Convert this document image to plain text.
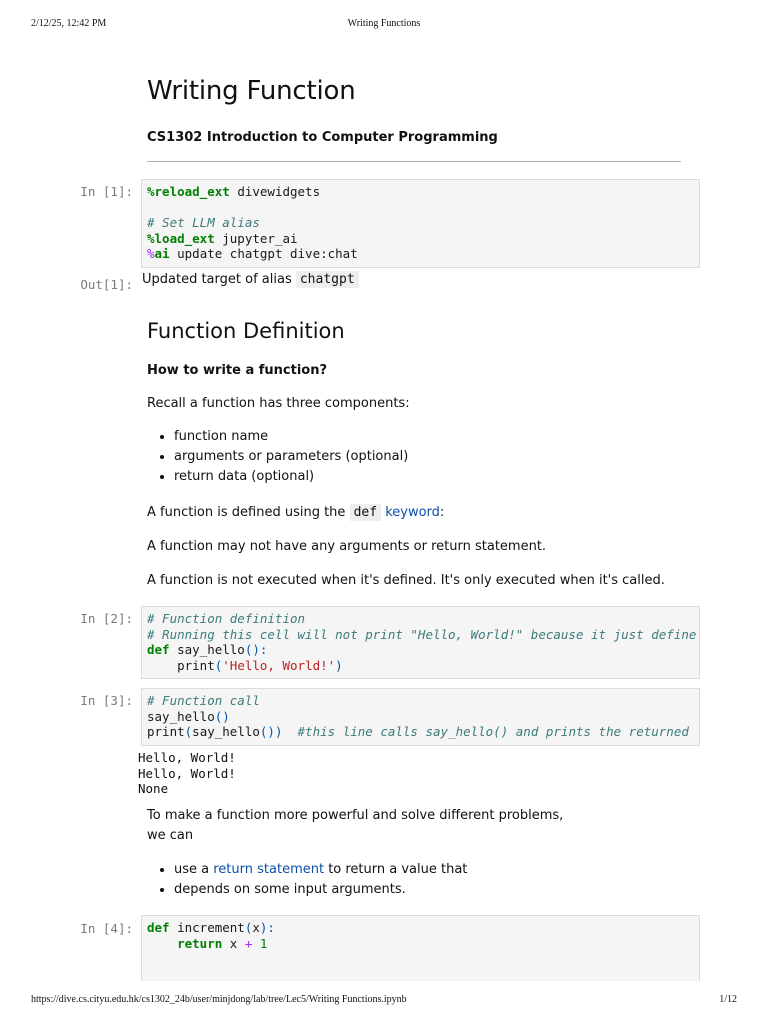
2/12/25, 12:42 PM	Writing Functions
Writing Function
CS1302 Introduction to Computer Programming
In [1]: %reload_ext divewidgets
# Set LLM alias
%load_ext jupyter_ai
%ai update chatgpt dive:chat
Out[1]: Updated target of alias chatgpt
Function Definition
How to write a function?
Recall a function has three components:
• function name
• arguments or parameters (optional)
• return data (optional)
A function is defined using the def keyword:
A function may not have any arguments or return statement.
A function is not executed when it's defined. It's only executed when it's called.
In [2]: # Function definition
# Running this cell will not print "Hello, World!" because it just define
def say_hello():
print('Hello, World!')
In [3]: # Function call
say_hello()
print(say_hello())  #this line calls say_hello() and prints the returned
Hello, World!
Hello, World!
None
To make a function more powerful and solve different problems,
we can
• use a return statement to return a value that
• depends on some input arguments.
In [4]: def increment(x):
return x + 1
https://dive.cs.cityu.edu.hk/cs1302_24b/user/minjdong/lab/tree/Lec5/Writing Functions.ipynb	1/12
